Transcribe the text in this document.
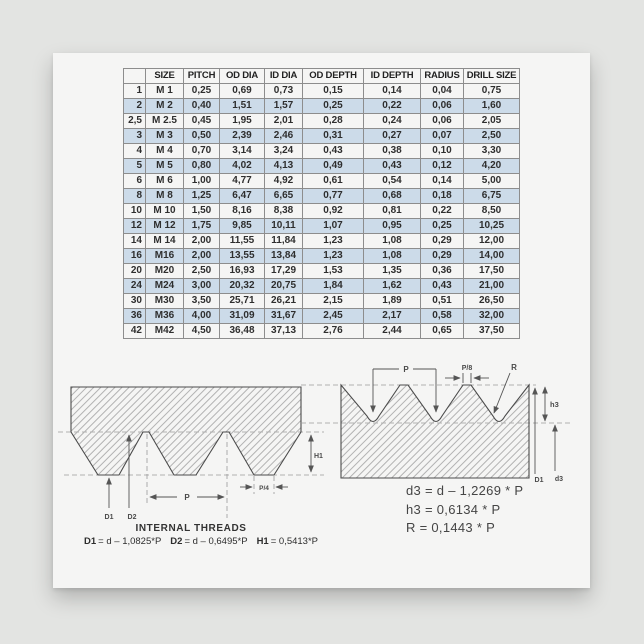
	SIZE	PITCH	OD DIA	ID DIA	OD DEPTH	ID DEPTH	RADIUS	DRILL SIZE
1	M 1	0,25	0,69	0,73	0,15	0,14	0,04	0,75
2	M 2	0,40	1,51	1,57	0,25	0,22	0,06	1,60
2,5	M 2.5	0,45	1,95	2,01	0,28	0,24	0,06	2,05
3	M 3	0,50	2,39	2,46	0,31	0,27	0,07	2,50
4	M 4	0,70	3,14	3,24	0,43	0,38	0,10	3,30
5	M 5	0,80	4,02	4,13	0,49	0,43	0,12	4,20
6	M 6	1,00	4,77	4,92	0,61	0,54	0,14	5,00
8	M 8	1,25	6,47	6,65	0,77	0,68	0,18	6,75
10	M 10	1,50	8,16	8,38	0,92	0,81	0,22	8,50
12	M 12	1,75	9,85	10,11	1,07	0,95	0,25	10,25
14	M 14	2,00	11,55	11,84	1,23	1,08	0,29	12,00
16	M16	2,00	13,55	13,84	1,23	1,08	0,29	14,00
20	M20	2,50	16,93	17,29	1,53	1,35	0,36	17,50
24	M24	3,00	20,32	20,75	1,84	1,62	0,43	21,00
30	M30	3,50	25,71	26,21	2,15	1,89	0,51	26,50
36	M36	4,00	31,09	31,67	2,45	2,17	0,58	32,00
42	M42	4,50	36,48	37,13	2,76	2,44	0,65	37,50
P
P/4
H1
D1 D2
INTERNAL THREADS
D1 = d – 1,0825*P D2 = d – 0,6495*P H1 = 0,5413*P
P	P/8	R
h3
D1 d3
d3 = d – 1,2269 * P
h3 = 0,6134 * P
R = 0,1443 * P
